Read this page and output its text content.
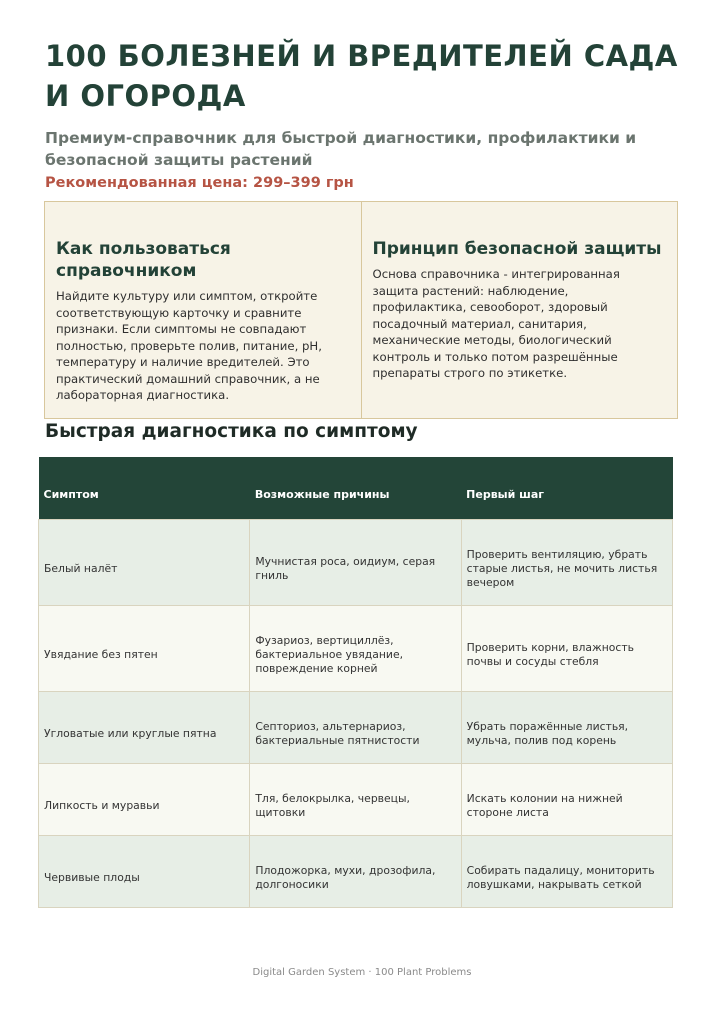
100 БОЛЕЗНЕЙ И ВРЕДИТЕЛЕЙ САДА И ОГОРОДА

Премиум-справочник для быстрой диагностики, профилактики и безопасной защиты растений

Рекомендованная цена: 299–399 грн

Как пользоваться справочником

Найдите культуру или симптом, откройте соответствующую карточку и сравните признаки. Если симптомы не совпадают полностью, проверьте полив, питание, pH, температуру и наличие вредителей. Это практический домашний справочник, а не лабораторная диагностика.

Принцип безопасной защиты

Основа справочника - интегрированная защита растений: наблюдение, профилактика, севооборот, здоровый посадочный материал, санитария, механические методы, биологический контроль и только потом разрешённые препараты строго по этикетке.

Быстрая диагностика по симптому
Симптом	Возможные причины	Первый шаг

Белый налёт	Мучнистая роса, оидиум, серая гниль	Проверить вентиляцию, убрать старые листья, не мочить листья вечером

Увядание без пятен	Фузариоз, вертициллёз, бактериальное увядание, повреждение корней	Проверить корни, влажность почвы и сосуды стебля

Угловатые или круглые пятна	Септориоз, альтернариоз, бактериальные пятнистости	Убрать поражённые листья, мульча, полив под корень

Липкость и муравьи	Тля, белокрылка, червецы, щитовки	Искать колонии на нижней стороне листа

Червивые плоды	Плодожорка, мухи, дрозофила, долгоносики	Собирать падалицу, мониторить ловушками, накрывать сеткой

Digital Garden System · 100 Plant Problems
